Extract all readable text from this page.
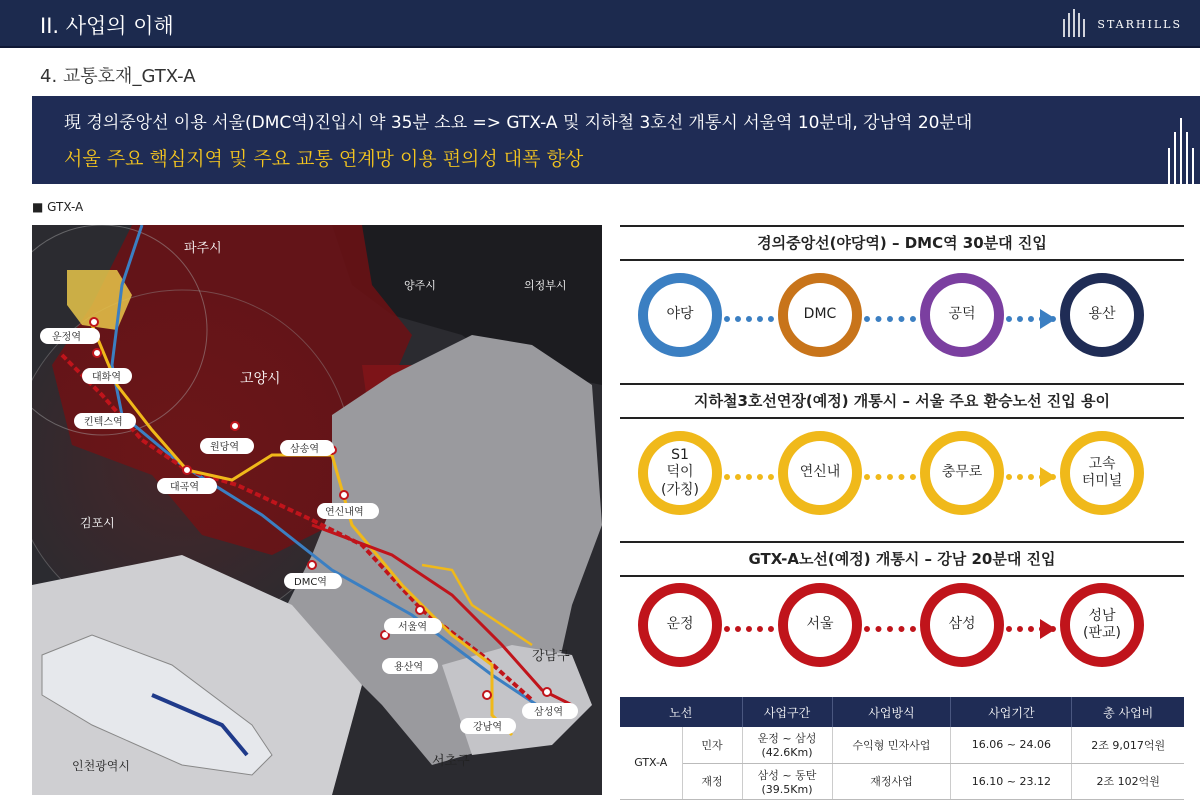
II. 사업의 이해	STARHILLS
4. 교통호재_GTX-A
現 경의중앙선 이용 서울(DMC역)진입시 약 35분 소요 => GTX-A 및 지하철 3호선 개통시 서울역 10분대, 강남역 20분대
서울 주요 핵심지역 및 주요 교통 연계망 이용 편의성 대폭 향상
■ GTX-A
파주시
양주시	의정부시
고양시
김포시
강남구
서초구
인천광역시
운정역
대화역
킨텍스역
원당역	삼송역
대곡역
연신내역
DMC역
서울역
용산역
강남역
삼성역
경의중앙선(야당역) – DMC역 30분대 진입
지하철3호선연장(예정) 개통시 – 서울 주요 환승노선 진입 용이
GTX-A노선(예정) 개통시 – 강남 20분대 진입
야당	DMC	공덕	용산
S1
덕이
(가칭)
연신내	충무로
고속
터미널
운정	서울	삼성
성남
(판교)
노선		사업구간	사업방식	사업기간	총 사업비
GTX-A	민자	운정 ~ 삼성
(42.6Km)	수익형 민자사업	16.06 ~ 24.06	2조 9,017억원
	재정	삼성 ~ 동탄
(39.5Km)	재정사업	16.10 ~ 23.12	2조 102억원
